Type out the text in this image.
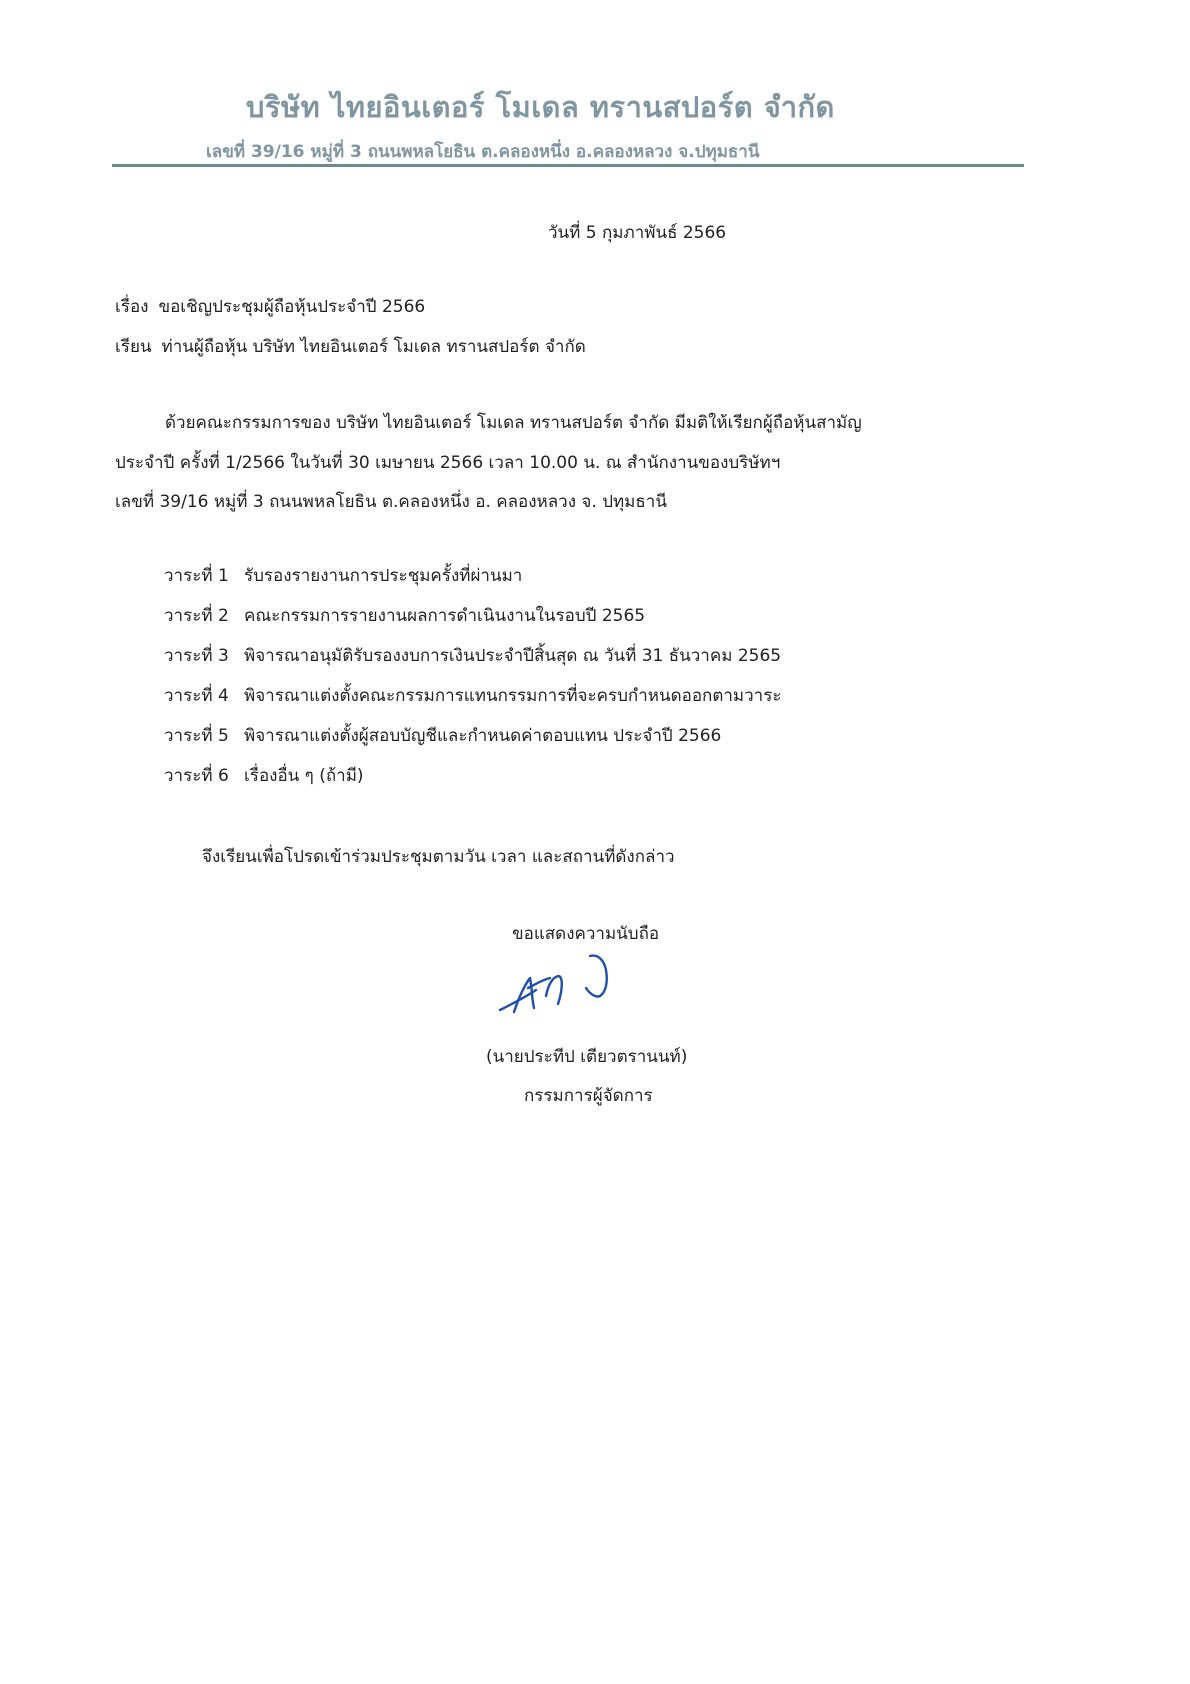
บริษัท ไทยอินเตอร์ โมเดล ทรานสปอร์ต จำกัด
เลขที่ 39/16 หมู่ที่ 3 ถนนพหลโยธิน ต.คลองหนึ่ง อ.คลองหลวง จ.ปทุมธานี
วันที่ 5 กุมภาพันธ์ 2566
เรื่อง ขอเชิญประชุมผู้ถือหุ้นประจำปี 2566
เรียน ท่านผู้ถือหุ้น บริษัท ไทยอินเตอร์ โมเดล ทรานสปอร์ต จำกัด
ด้วยคณะกรรมการของ บริษัท ไทยอินเตอร์ โมเดล ทรานสปอร์ต จำกัด มีมติให้เรียกผู้ถือหุ้นสามัญ
ประจำปี ครั้งที่ 1/2566 ในวันที่ 30 เมษายน 2566 เวลา 10.00 น. ณ สำนักงานของบริษัทฯ
เลขที่ 39/16 หมู่ที่ 3 ถนนพหลโยธิน ต.คลองหนึ่ง อ. คลองหลวง จ. ปทุมธานี
วาระที่ 1 รับรองรายงานการประชุมครั้งที่ผ่านมา
วาระที่ 2 คณะกรรมการรายงานผลการดำเนินงานในรอบปี 2565
วาระที่ 3 พิจารณาอนุมัติรับรองงบการเงินประจำปีสิ้นสุด ณ วันที่ 31 ธันวาคม 2565
วาระที่ 4 พิจารณาแต่งตั้งคณะกรรมการแทนกรรมการที่จะครบกำหนดออกตามวาระ
วาระที่ 5 พิจารณาแต่งตั้งผู้สอบบัญชีและกำหนดค่าตอบแทน ประจำปี 2566
วาระที่ 6 เรื่องอื่น ๆ (ถ้ามี)
จึงเรียนเพื่อโปรดเข้าร่วมประชุมตามวัน เวลา และสถานที่ดังกล่าว
ขอแสดงความนับถือ
(นายประทีป เตียวตรานนท์)
กรรมการผู้จัดการ
